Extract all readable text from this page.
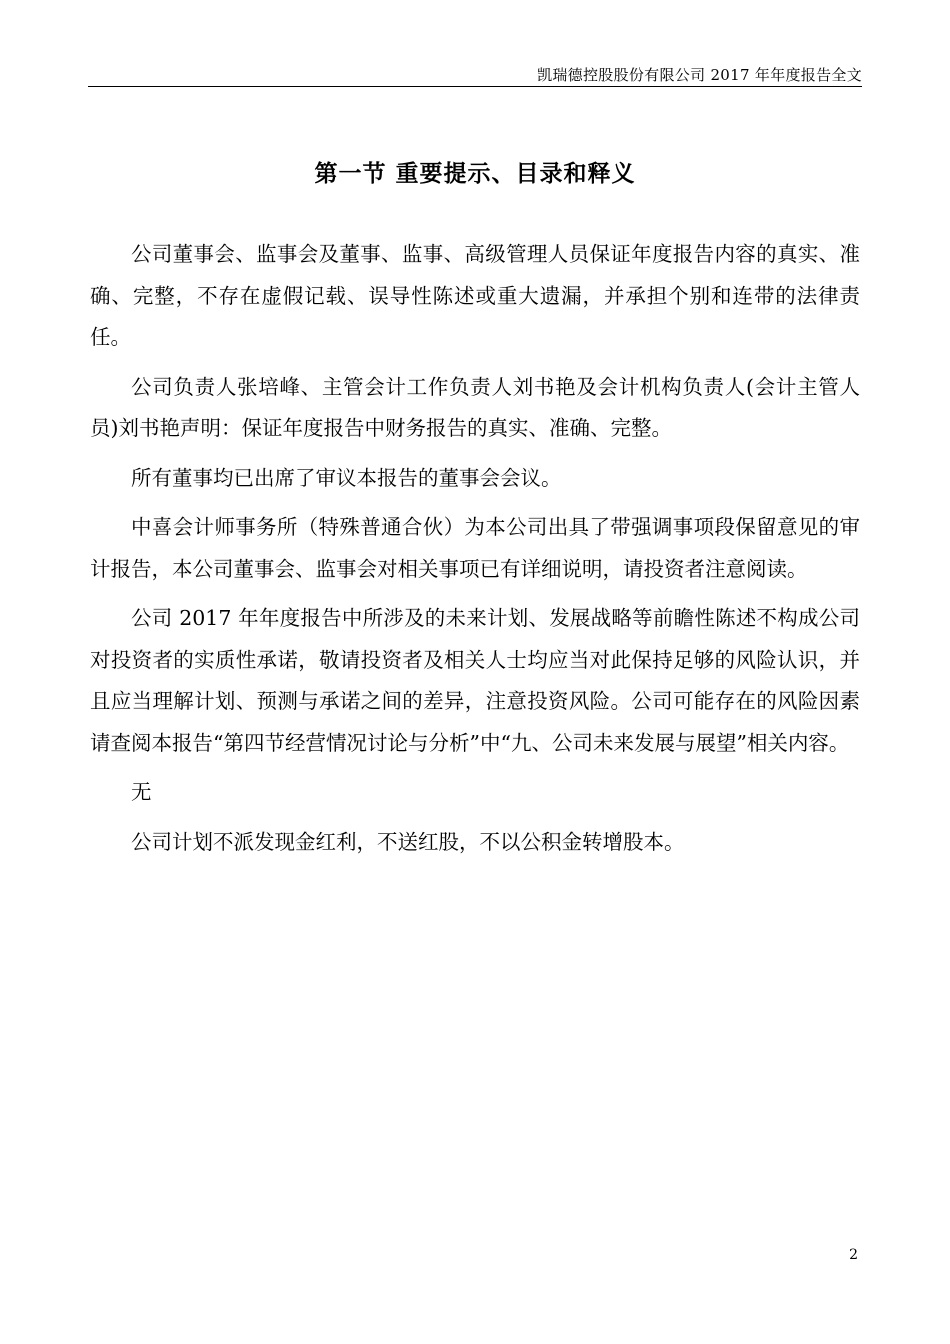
凯瑞德控股股份有限公司 2017 年年度报告全文
第一节 重要提示、目录和释义

公司董事会、监事会及董事、监事、高级管理人员保证年度报告内容的真实、准确、完整，不存在虚假记载、误导性陈述或重大遗漏，并承担个别和连带的法律责任。

公司负责人张培峰、主管会计工作负责人刘书艳及会计机构负责人(会计主管人员)刘书艳声明：保证年度报告中财务报告的真实、准确、完整。

所有董事均已出席了审议本报告的董事会会议。

中喜会计师事务所（特殊普通合伙）为本公司出具了带强调事项段保留意见的审计报告，本公司董事会、监事会对相关事项已有详细说明，请投资者注意阅读。

公司 2017 年年度报告中所涉及的未来计划、发展战略等前瞻性陈述不构成公司对投资者的实质性承诺，敬请投资者及相关人士均应当对此保持足够的风险认识，并且应当理解计划、预测与承诺之间的差异，注意投资风险。公司可能存在的风险因素请查阅本报告“第四节经营情况讨论与分析”中“九、公司未来发展与展望”相关内容。

无

公司计划不派发现金红利，不送红股，不以公积金转增股本。

2
